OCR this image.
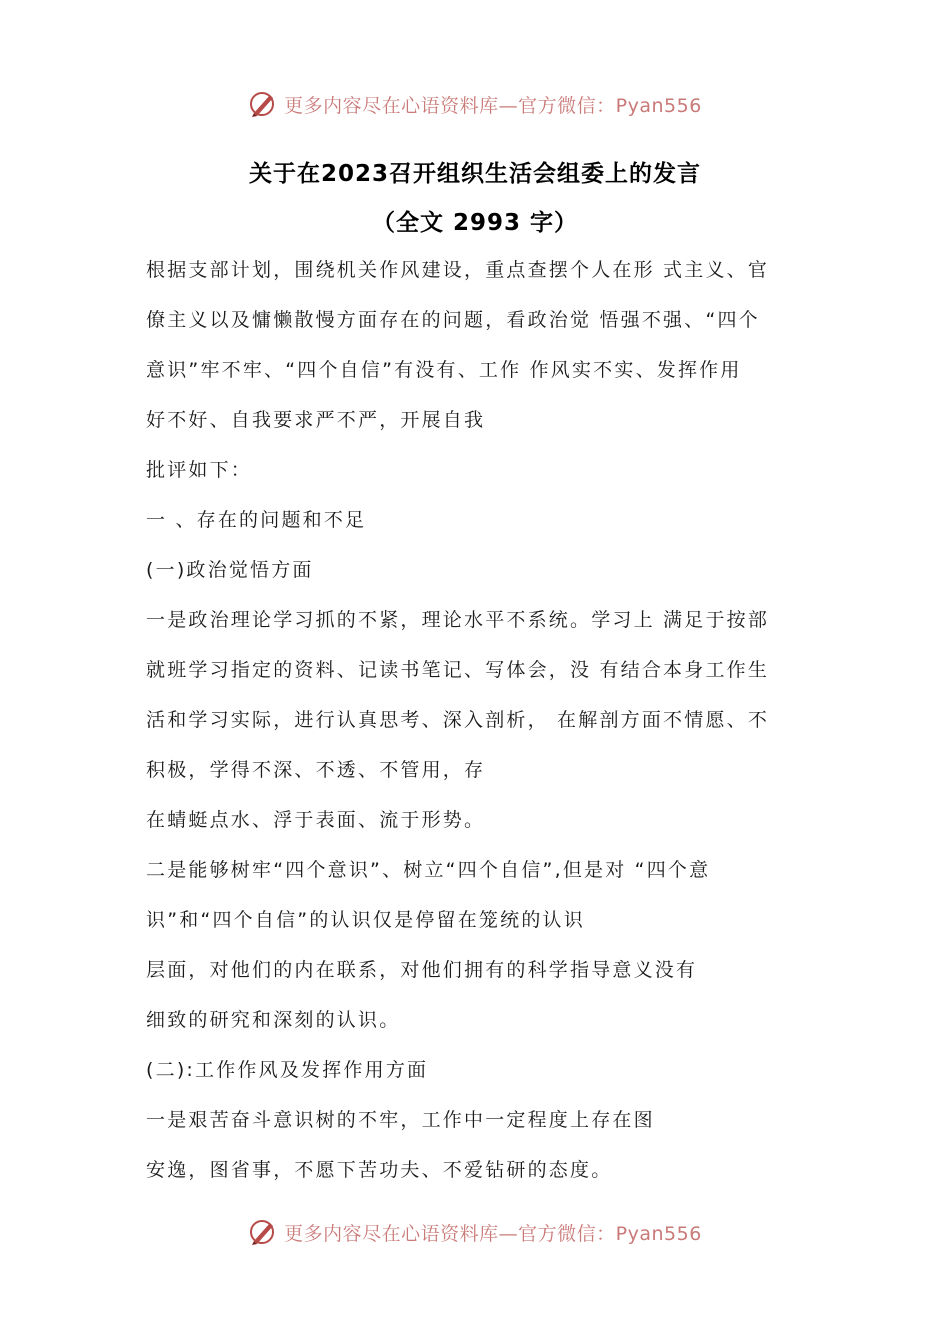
更多内容尽在心语资料库—官方微信：Pyan556
关于在2023召开组织生活会组委上的发言
（全文 2993 字）
根据支部计划，围绕机关作风建设，重点查摆个人在形 式主义、官
僚主义以及慵懒散慢方面存在的问题，看政治觉 悟强不强、“四个
意识”牢不牢、“四个自信”有没有、工作 作风实不实、发挥作用
好不好、自我要求严不严，开展自我
批评如下：
一 、存在的问题和不足
(一)政治觉悟方面
一是政治理论学习抓的不紧，理论水平不系统。学习上 满足于按部
就班学习指定的资料、记读书笔记、写体会，没 有结合本身工作生
活和学习实际，进行认真思考、深入剖析， 在解剖方面不情愿、不
积极，学得不深、不透、不管用，存
在蜻蜓点水、浮于表面、流于形势。
二是能够树牢“四个意识”、树立“四个自信”,但是对 “四个意
识”和“四个自信”的认识仅是停留在笼统的认识
层面，对他们的内在联系，对他们拥有的科学指导意义没有
细致的研究和深刻的认识。
(二):工作作风及发挥作用方面
一是艰苦奋斗意识树的不牢，工作中一定程度上存在图
安逸，图省事，不愿下苦功夫、不爱钻研的态度。
更多内容尽在心语资料库—官方微信：Pyan556
